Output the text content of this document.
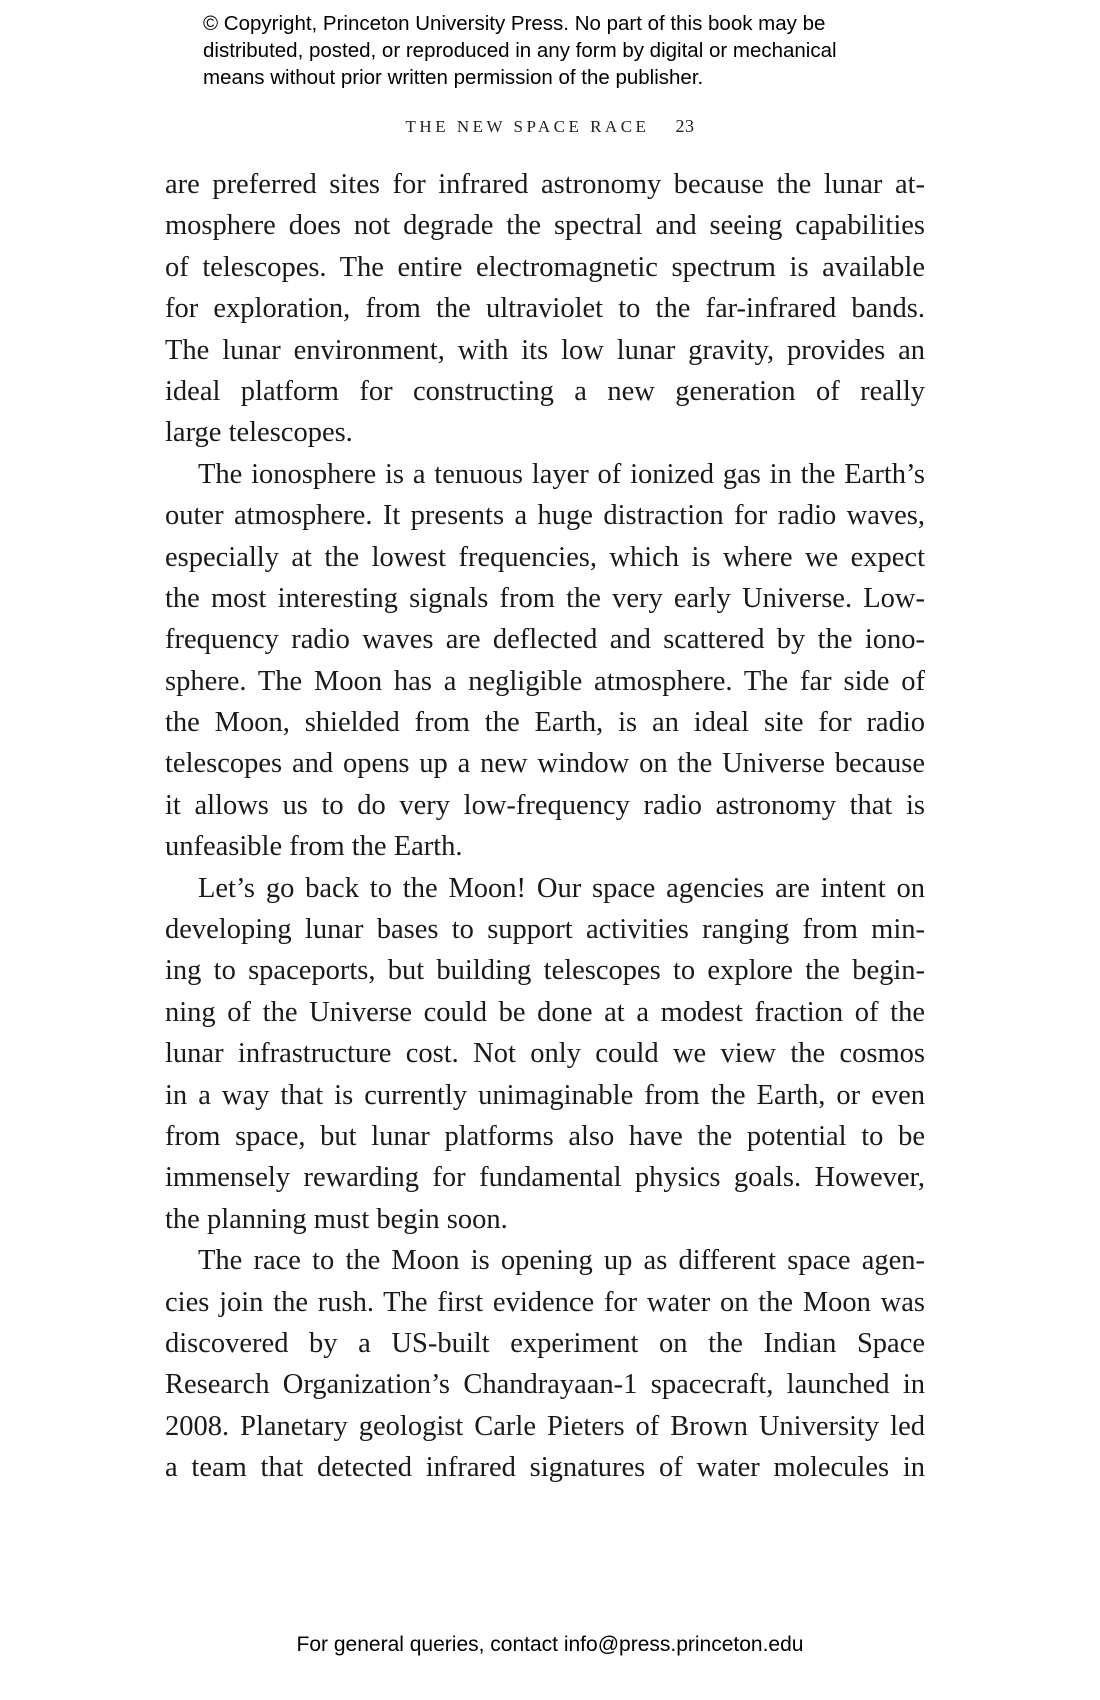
© Copyright, Princeton University Press. No part of this book may be
distributed, posted, or reproduced in any form by digital or mechanical
means without prior written permission of the publisher.
THE NEW SPACE RACE 23
are preferred sites for infrared astronomy because the lunar at-
mosphere does not degrade the spectral and seeing capabilities
of telescopes. The entire electromagnetic spectrum is available
for exploration, from the ultraviolet to the far-infrared bands.
The lunar environment, with its low lunar gravity, provides an
ideal platform for constructing a new generation of really
large telescopes.
The ionosphere is a tenuous layer of ionized gas in the Earth’s
outer atmosphere. It presents a huge distraction for radio waves,
especially at the lowest frequencies, which is where we expect
the most interesting signals from the very early Universe. Low-
frequency radio waves are deflected and scattered by the iono-
sphere. The Moon has a negligible atmosphere. The far side of
the Moon, shielded from the Earth, is an ideal site for radio
telescopes and opens up a new window on the Universe because
it allows us to do very low-frequency radio astronomy that is
unfeasible from the Earth.
Let’s go back to the Moon! Our space agencies are intent on
developing lunar bases to support activities ranging from min-
ing to spaceports, but building telescopes to explore the begin-
ning of the Universe could be done at a modest fraction of the
lunar infrastructure cost. Not only could we view the cosmos
in a way that is currently unimaginable from the Earth, or even
from space, but lunar platforms also have the potential to be
immensely rewarding for fundamental physics goals. However,
the planning must begin soon.
The race to the Moon is opening up as different space agen-
cies join the rush. The first evidence for water on the Moon was
discovered by a US-built experiment on the Indian Space
Research Organization’s Chandrayaan-1 spacecraft, launched in
2008. Planetary geologist Carle Pieters of Brown University led
a team that detected infrared signatures of water molecules in
For general queries, contact info@press.princeton.edu
